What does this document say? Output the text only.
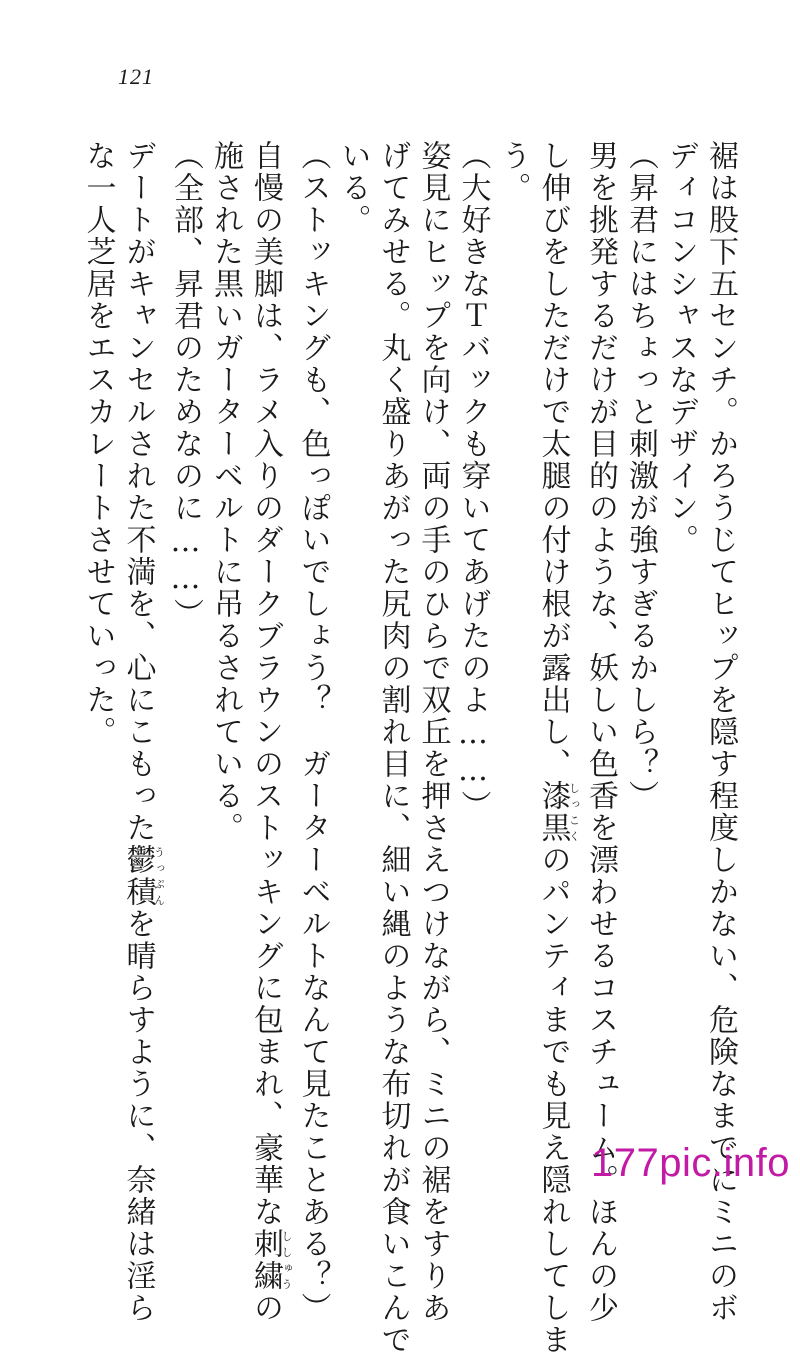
121
裾は股下五センチ。かろうじてヒップを隠す程度しかない、危険なまでにミニのボ
ディコンシャスなデザイン。
（昇君にはちょっと刺激が強すぎるかしら？）
男を挑発するだけが目的のような、妖しい色香を漂わせるコスチューム。ほんの少
し伸びをしただけで太腿の付け根が露出し、漆黒しっこくのパンティまでも見え隠れしてしま
う。
（大好きなＴバックも穿いてあげたのよ……）
姿見にヒップを向け、両の手のひらで双丘を押さえつけながら、ミニの裾をすりあ
げてみせる。丸く盛りあがった尻肉の割れ目に、細い縄のような布切れが食いこんで
いる。
（ストッキングも、色っぽいでしょう？　ガーターベルトなんて見たことある？）
自慢の美脚は、ラメ入りのダークブラウンのストッキングに包まれ、豪華な刺繍ししゅうの
施された黒いガーターベルトに吊るされている。
（全部、昇君のためなのに……）
デートがキャンセルされた不満を、心にこもった鬱積うっぷんを晴らすように、奈緒は淫ら
な一人芝居をエスカレートさせていった。
177pic.info
